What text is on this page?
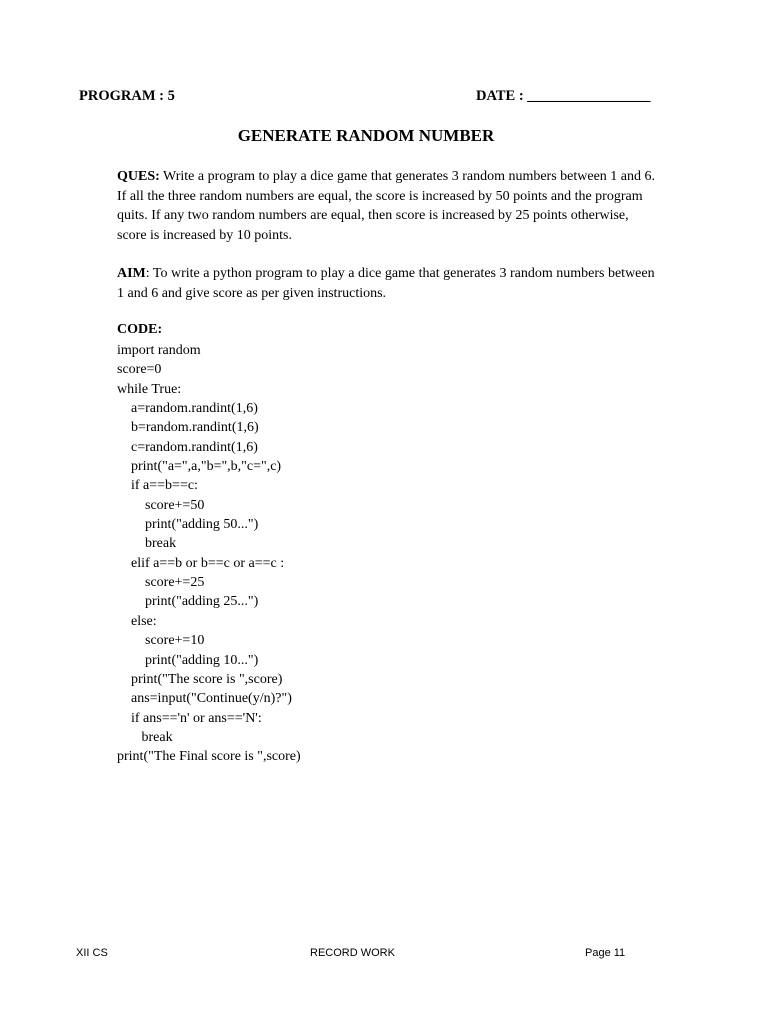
PROGRAM : 5	DATE : _________________
GENERATE RANDOM NUMBER
QUES: Write a program to play a dice game that generates 3 random numbers between 1 and 6. If all the three random numbers are equal, the score is increased by 50 points and the program quits. If any two random numbers are equal, then score is increased by 25 points otherwise, score is increased by 10 points.
AIM: To write a python program to play a dice game that generates 3 random numbers between 1 and 6 and give score as per given instructions.
CODE:
import random
score=0
while True:
a=random.randint(1,6)
b=random.randint(1,6)
c=random.randint(1,6)
print("a=",a,"b=",b,"c=",c)
if a==b==c:
score+=50
print("adding 50...")
break
elif a==b or b==c or a==c :
score+=25
print("adding 25...")
else:
score+=10
print("adding 10...")
print("The score is ",score)
ans=input("Continue(y/n)?")
if ans=='n' or ans=='N':
break
print("The Final score is ",score)
XII CS	RECORD WORK	Page 11
